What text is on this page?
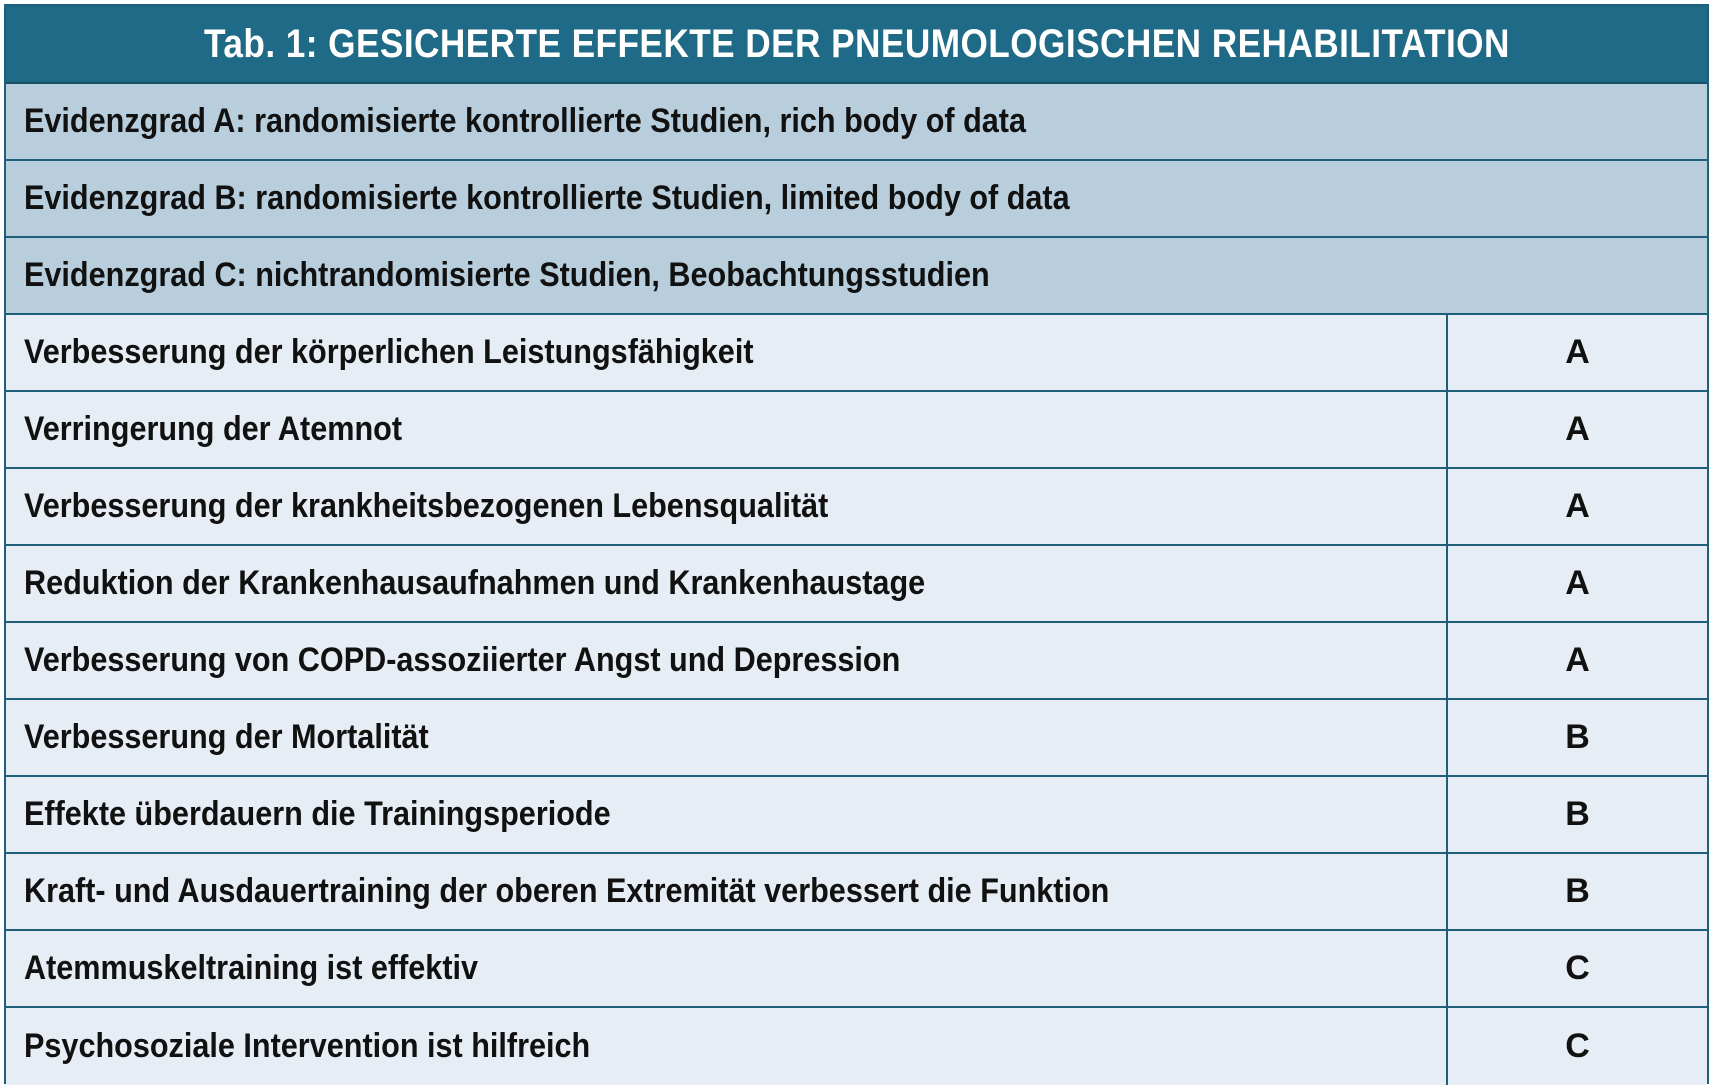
Tab. 1: GESICHERTE EFFEKTE DER PNEUMOLOGISCHEN REHABILITATION
Evidenzgrad A: randomisierte kontrollierte Studien, rich body of data
Evidenzgrad B: randomisierte kontrollierte Studien, limited body of data
Evidenzgrad C: nichtrandomisierte Studien, Beobachtungsstudien
Verbesserung der körperlichen Leistungsfähigkeit	A
Verringerung der Atemnot	A
Verbesserung der krankheitsbezogenen Lebensqualität	A
Reduktion der Krankenhausaufnahmen und Krankenhaustage	A
Verbesserung von COPD-assoziierter Angst und Depression	A
Verbesserung der Mortalität	B
Effekte überdauern die Trainingsperiode	B
Kraft- und Ausdauertraining der oberen Extremität verbessert die Funktion	B
Atemmuskeltraining ist effektiv	C
Psychosoziale Intervention ist hilfreich	C
